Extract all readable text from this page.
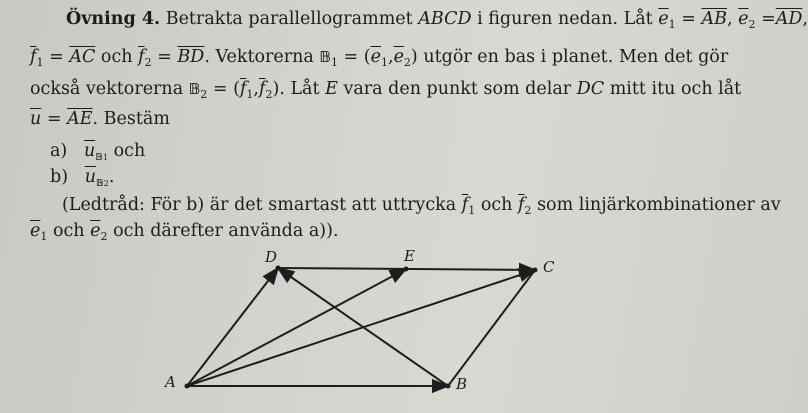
Övning 4. Betrakta parallellogrammet ABCD i figuren nedan. Låt $\overline{e}_1 = \overline{AB}$, $\overline{e}_2 =\overline{AD}$,
$\overline{f}_1 = \overline{AC}$ och $\overline{f}_2 = \overline{BD}$. Vektorerna 𝔹$_1$ = $(\overline{e}_1,\overline{e}_2)$ utgör en bas i planet. Men det gör
också vektorerna 𝔹$_2$ = $(\overline{f}_1,\overline{f}_2)$. Låt E vara den punkt som delar DC mitt itu och låt
$\overline{u} = \overline{AE}$. Bestäm
a) $\overline{u}_{𝔹1}$ och
b) $\overline{u}_{𝔹2}$.
(Ledtråd: För b) är det smartast att uttrycka $\overline{f}_1$ och $\overline{f}_2$ som linjärkombinationer av
$\overline{e}_1$ och $\overline{e}_2$ och därefter använda a)).
A	B
C
D	E
